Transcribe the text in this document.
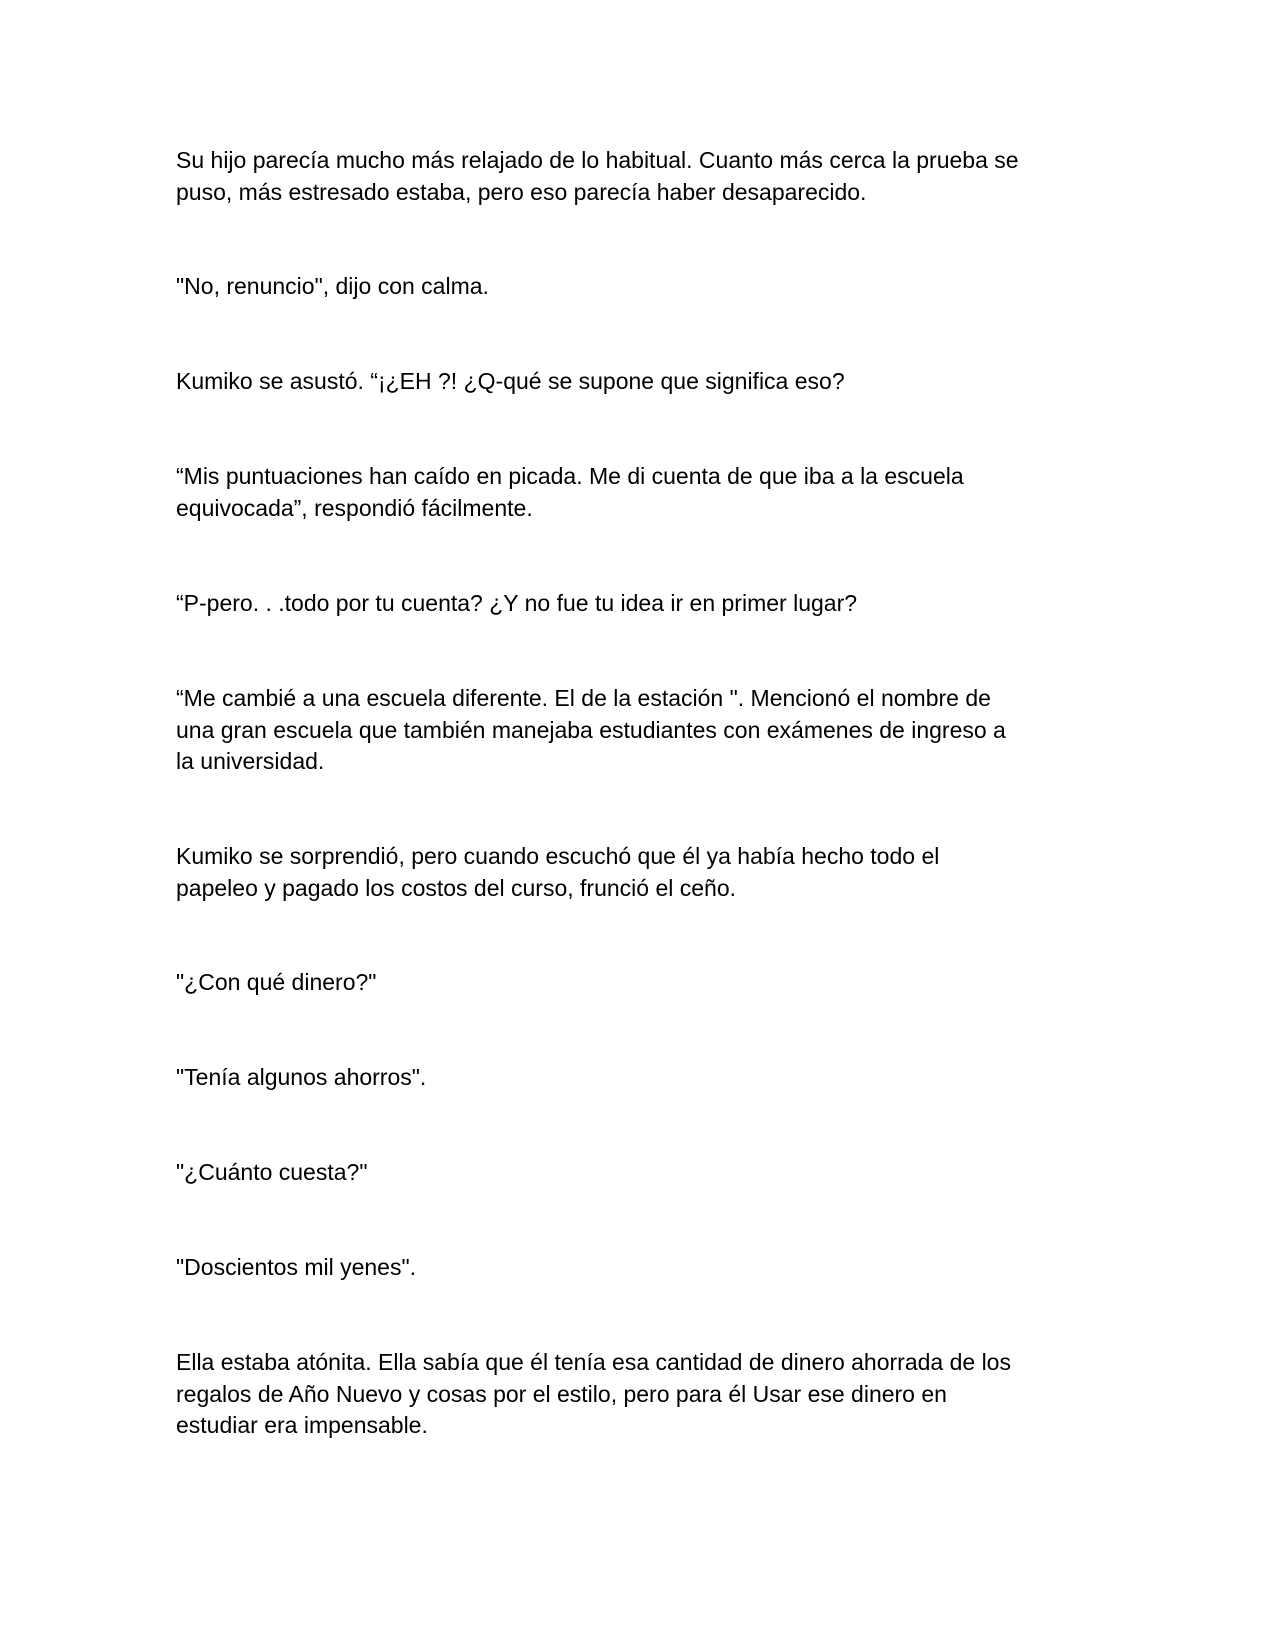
Su hijo parecía mucho más relajado de lo habitual. Cuanto más cerca la prueba se
puso, más estresado estaba, pero eso parecía haber desaparecido.

"No, renuncio", dijo con calma.

Kumiko se asustó. “¡¿EH ?! ¿Q-qué se supone que significa eso?

“Mis puntuaciones han caído en picada. Me di cuenta de que iba a la escuela
equivocada”, respondió fácilmente.

“P-pero. . .todo por tu cuenta? ¿Y no fue tu idea ir en primer lugar?

“Me cambié a una escuela diferente. El de la estación ". Mencionó el nombre de
una gran escuela que también manejaba estudiantes con exámenes de ingreso a
la universidad.

Kumiko se sorprendió, pero cuando escuchó que él ya había hecho todo el
papeleo y pagado los costos del curso, frunció el ceño.

"¿Con qué dinero?"

"Tenía algunos ahorros".

"¿Cuánto cuesta?"

"Doscientos mil yenes".

Ella estaba atónita. Ella sabía que él tenía esa cantidad de dinero ahorrada de los
regalos de Año Nuevo y cosas por el estilo, pero para él Usar ese dinero en
estudiar era impensable.
